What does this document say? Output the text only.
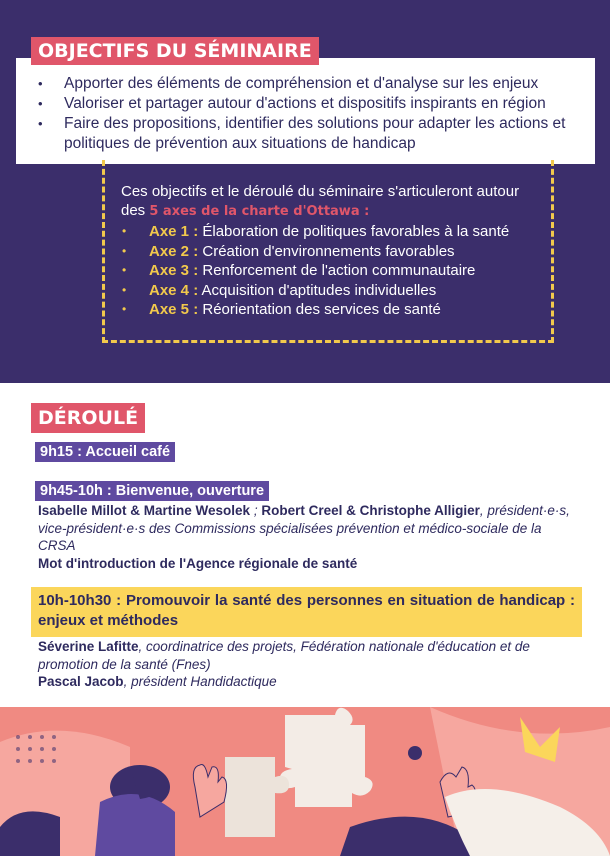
OBJECTIFS DU SÉMINAIRE
• Apporter des éléments de compréhension et d'analyse sur les enjeux
• Valoriser et partager autour d'actions et dispositifs inspirants en région
• Faire des propositions, identifier des solutions pour adapter les actions et politiques de prévention aux situations de handicap
Ces objectifs et le déroulé du séminaire s'articuleront autour des 5 axes de la charte d'Ottawa :
• Axe 1 : Élaboration de politiques favorables à la santé
• Axe 2 : Création d'environnements favorables
• Axe 3 : Renforcement de l'action communautaire
• Axe 4 : Acquisition d'aptitudes individuelles
• Axe 5 : Réorientation des services de santé
DÉROULÉ
9h15 : Accueil café
9h45-10h : Bienvenue, ouverture
Isabelle Millot & Martine Wesolek ; Robert Creel & Christophe Alligier, président·e·s, vice-président·e·s des Commissions spécialisées prévention et médico-sociale de la CRSA
Mot d'introduction de l'Agence régionale de santé
10h-10h30 : Promouvoir la santé des personnes en situation de handicap : enjeux et méthodes
Séverine Lafitte, coordinatrice des projets, Fédération nationale d'éducation et de promotion de la santé (Fnes)
Pascal Jacob, président Handidactique
